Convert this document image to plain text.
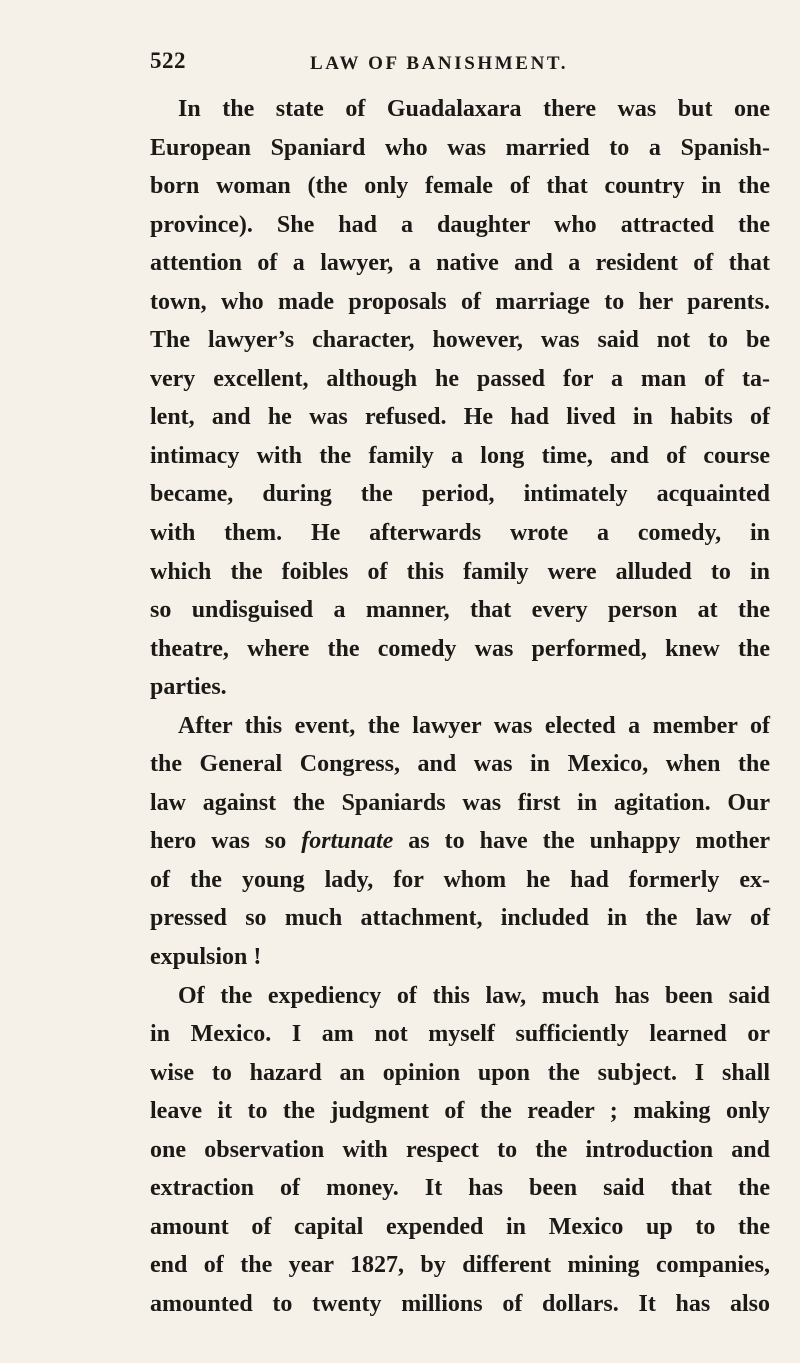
522	LAW OF BANISHMENT.
In the state of Guadalaxara there was but one
European Spaniard who was married to a Spanish-
born woman (the only female of that country in the
province). She had a daughter who attracted the
attention of a lawyer, a native and a resident of that
town, who made proposals of marriage to her parents.
The lawyer’s character, however, was said not to be
very excellent, although he passed for a man of ta-
lent, and he was refused. He had lived in habits of
intimacy with the family a long time, and of course
became, during the period, intimately acquainted
with them. He afterwards wrote a comedy, in
which the foibles of this family were alluded to in
so undisguised a manner, that every person at the
theatre, where the comedy was performed, knew the
parties.
After this event, the lawyer was elected a member of
the General Congress, and was in Mexico, when the
law against the Spaniards was first in agitation. Our
hero was so fortunate as to have the unhappy mother
of the young lady, for whom he had formerly ex-
pressed so much attachment, included in the law of
expulsion !
Of the expediency of this law, much has been said
in Mexico. I am not myself sufficiently learned or
wise to hazard an opinion upon the subject. I shall
leave it to the judgment of the reader ; making only
one observation with respect to the introduction and
extraction of money. It has been said that the
amount of capital expended in Mexico up to the
end of the year 1827, by different mining companies,
amounted to twenty millions of dollars. It has also
